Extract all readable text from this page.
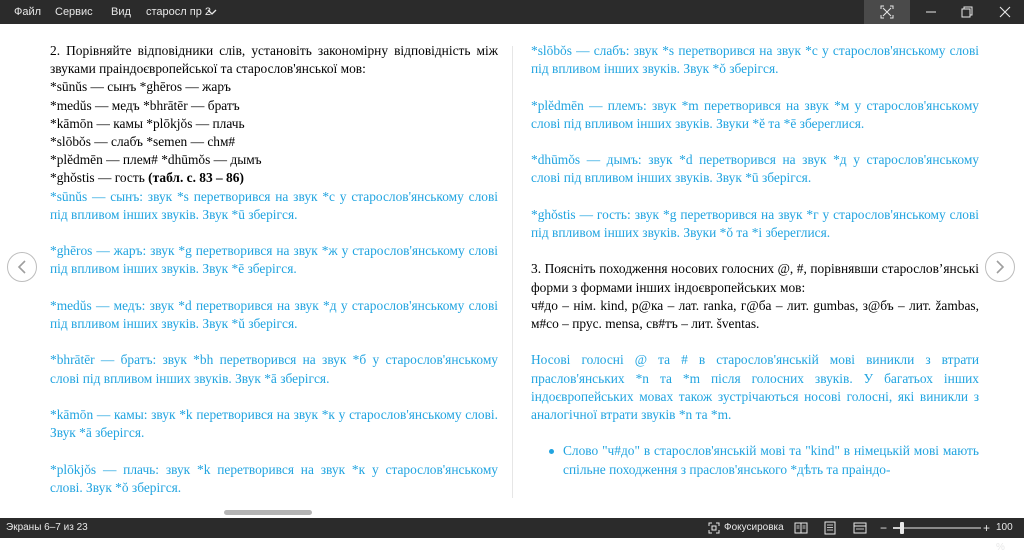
Файл	Сервис	Вид	старосл пр 2

2. Порівняйте відповідники слів, установіть закономірну відповідність між звуками праіндоєвропейської та старослов'янської мов:

*sūnŭs — сынъ *ghēros — жаръ

*medŭs — медъ *bhrātēr — братъ

*kāmōn — камы *plōkjŏs — плачь

*slōbŏs — слабъ *semen — сhм#

*plĕdmēn — плем# *dhūmŏs — дымъ

*ghŏstis — гость (табл. с. 83 – 86)

*sūnŭs — сынъ: звук *s перетворився на звук *с у старослов'янському слові під впливом інших звуків. Звук *ū зберігся.

*ghēros — жаръ: звук *g перетворився на звук *ж у старослов'янському слові під впливом інших звуків. Звук *ē зберігся.

*medŭs — медъ: звук *d перетворився на звук *д у старослов'янському слові під впливом інших звуків. Звук *ŭ зберігся.

*bhrātēr — братъ: звук *bh перетворився на звук *б у старослов'янському слові під впливом інших звуків. Звук *ā зберігся.

*kāmōn — камы: звук *k перетворився на звук *к у старослов'янському слові. Звук *ā зберігся.

*plōkjŏs — плачь: звук *k перетворився на звук *к у старослов'янському слові. Звук *ŏ зберігся.

*slōbŏs — слабъ: звук *s перетворився на звук *с у старослов'янському слові під впливом інших звуків. Звук *ŏ зберігся.

*plĕdmēn — племъ: звук *m перетворився на звук *м у старослов'янському слові під впливом інших звуків. Звуки *ĕ та *ē збереглися.

*dhūmŏs — дымъ: звук *d перетворився на звук *д у старослов'янському слові під впливом інших звуків. Звук *ū зберігся.

*ghŏstis — гость: звук *g перетворився на звук *г у старослов'янському слові під впливом інших звуків. Звуки *ŏ та *i збереглися.

3. Поясніть походження носових голосних @, #, порівнявши старослов’янські форми з формами інших індоєвропейських мов:

ч#до – нім. kind, р@ка – лат. ranka, г@ба – лит. gumbas, з@бъ – лит. žambas, м#со – прус. mensa, св#тъ – лит. šventas.

Носові голосні @ та # в старослов'янській мові виникли з втрати праслов'янських *n та *m після голосних звуків. У багатьох інших індоєвропейських мовах також зустрічаються носові голосні, які виникли з аналогічної втрати звуків *n та *m.

Слово "ч#до" в старослов'янській мові та "kind" в німецькій мові мають спільне походження з праслов'янського *дѣть та праіндо-

Экраны 6–7 из 23	Фокусировка	−	+ 100 %
